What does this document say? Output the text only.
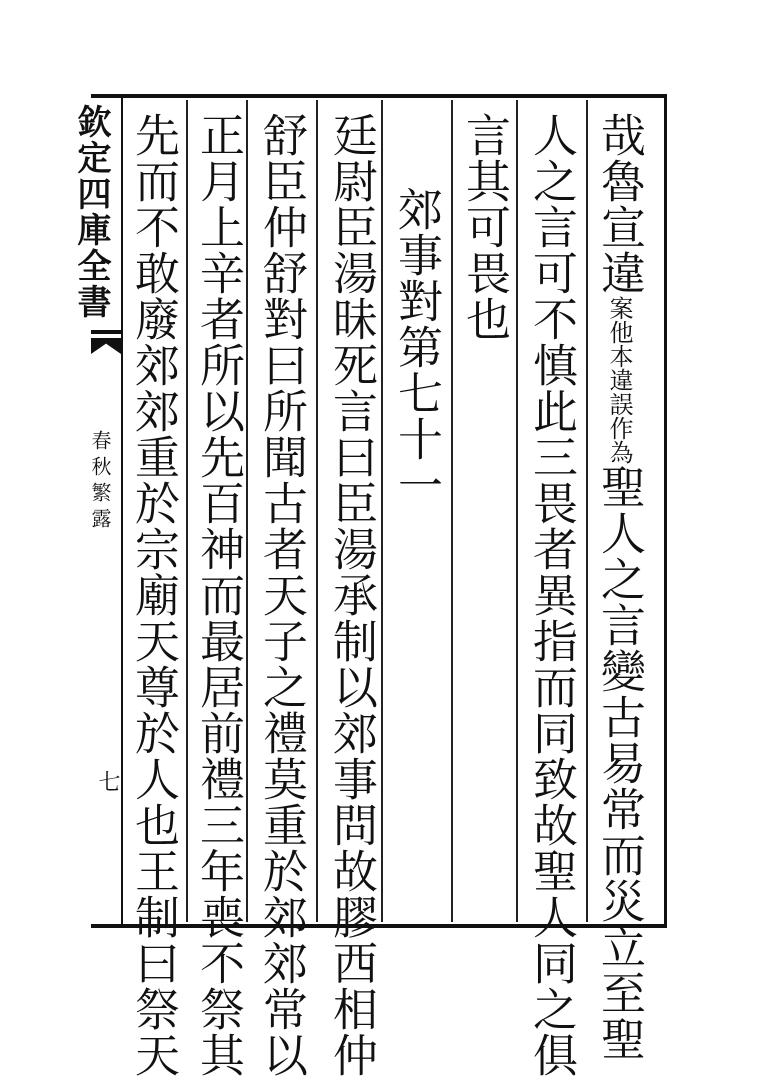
欽定四庫全書
春秋繁露
七
哉魯宣違案他本違誤作為聖人之言變古易常而災立至聖
人之言可不慎此三畏者異指而同致故聖人同之俱
言其可畏也
郊事對第七十一
廷尉臣湯昧死言曰臣湯承制以郊事問故膠西相仲
舒臣仲舒對曰所聞古者天子之禮莫重於郊郊常以
正月上辛者所以先百神而最居前禮三年喪不祭其
先而不敢廢郊郊重於宗廟天尊於人也王制曰祭天
